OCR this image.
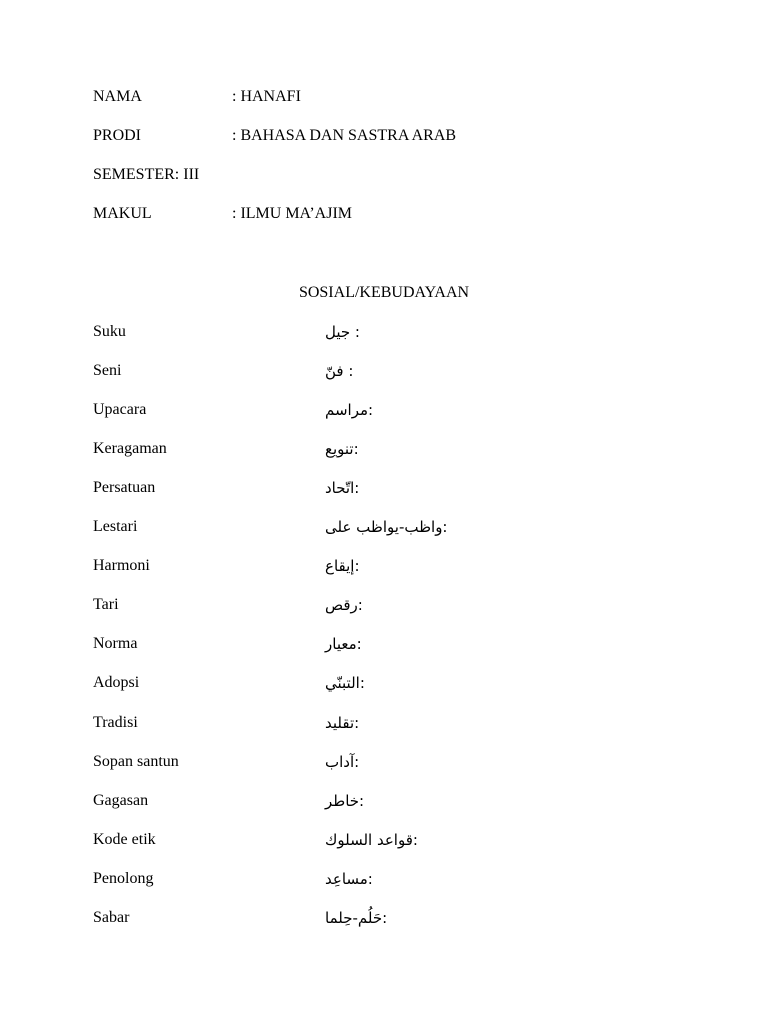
NAMA	: HANAFI
PRODI	: BAHASA DAN SASTRA ARAB
SEMESTER: III
MAKUL	: ILMU MA’AJIM
SOSIAL/KEBUDAYAAN
Suku	: جيل
Seni	: فنّ
Upacara	:مراسم
Keragaman	:تنويع
Persatuan	:اتّحاد
Lestari	:واظب-يواظب على
Harmoni	:إيقاع
Tari	:رقص
Norma	:معيار
Adopsi	:التبنّي
Tradisi	:تقليد
Sopan santun	:آداب
Gagasan	:خاطر
Kode etik	:قواعد السلوك
Penolong	:مساعِد
Sabar	:حَلُم-حِلما
